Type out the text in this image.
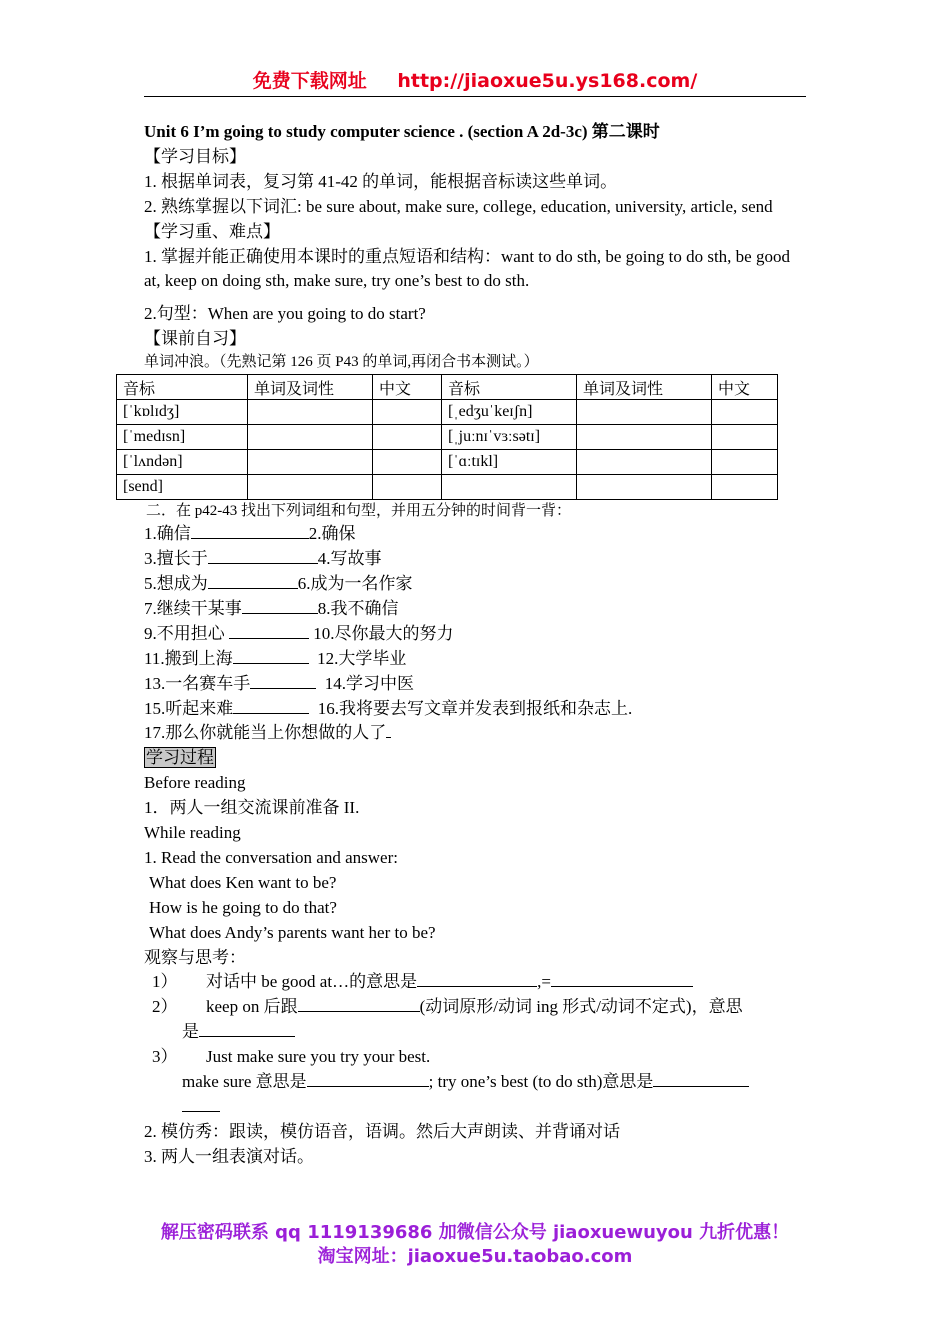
免费下载网址 http://jiaoxue5u.ys168.com/
Unit 6 I’m going to study computer science . (section A 2d-3c) 第二课时
【学习目标】
1. 根据单词表，复习第 41-42 的单词，能根据音标读这些单词。
2. 熟练掌握以下词汇: be sure about, make sure, college, education, university, article, send
【学习重、难点】
1. 掌握并能正确使用本课时的重点短语和结构：want to do sth, be going to do sth, be good at, keep on doing sth, make sure, try one’s best to do sth.
2.句型：When are you going to do start?
【课前自习】
单词冲浪。（先熟记第 126 页 P43 的单词,再闭合书本测试。）
音标	单词及词性	中文	音标	单词及词性	中文
[ˈkɒlɪdʒ]			[ˌedʒuˈkeɪʃn]		
[ˈmedɪsn]			[ˌjuːnɪˈvɜːsətɪ]		
[ˈlʌndən]			[ˈɑːtɪkl]		
[send]					
二．在 p42-43 找出下列词组和句型，并用五分钟的时间背一背：
1.确信	2.确保
3.擅长于	4.写故事
5.想成为	6.成为一名作家
7.继续干某事	8.我不确信
9.不用担心	10.尽你最大的努力
11.搬到上海	12.大学毕业
13.一名赛车手	14.学习中医
15.听起来难	16.我将要去写文章并发表到报纸和杂志上.
17.那么你就能当上你想做的人了
学习过程
Before reading
1．两人一组交流课前准备 II.
While reading
1. Read the conversation and answer:
What does Ken want to be?
How is he going to do that?
What does Andy’s parents want her to be?
观察与思考：
1） 对话中 be good at…的意思是	,=
2） keep on 后跟	(动词原形/动词 ing 形式/动词不定式)，意思
是
3） Just make sure you try your best.
make sure 意思是	; try one’s best (to do sth)意思是
2. 模仿秀：跟读，模仿语音，语调。然后大声朗读、并背诵对话
3. 两人一组表演对话。
解压密码联系 qq 1119139686 加微信公众号 jiaoxuewuyou 九折优惠！
淘宝网址：jiaoxue5u.taobao.com
